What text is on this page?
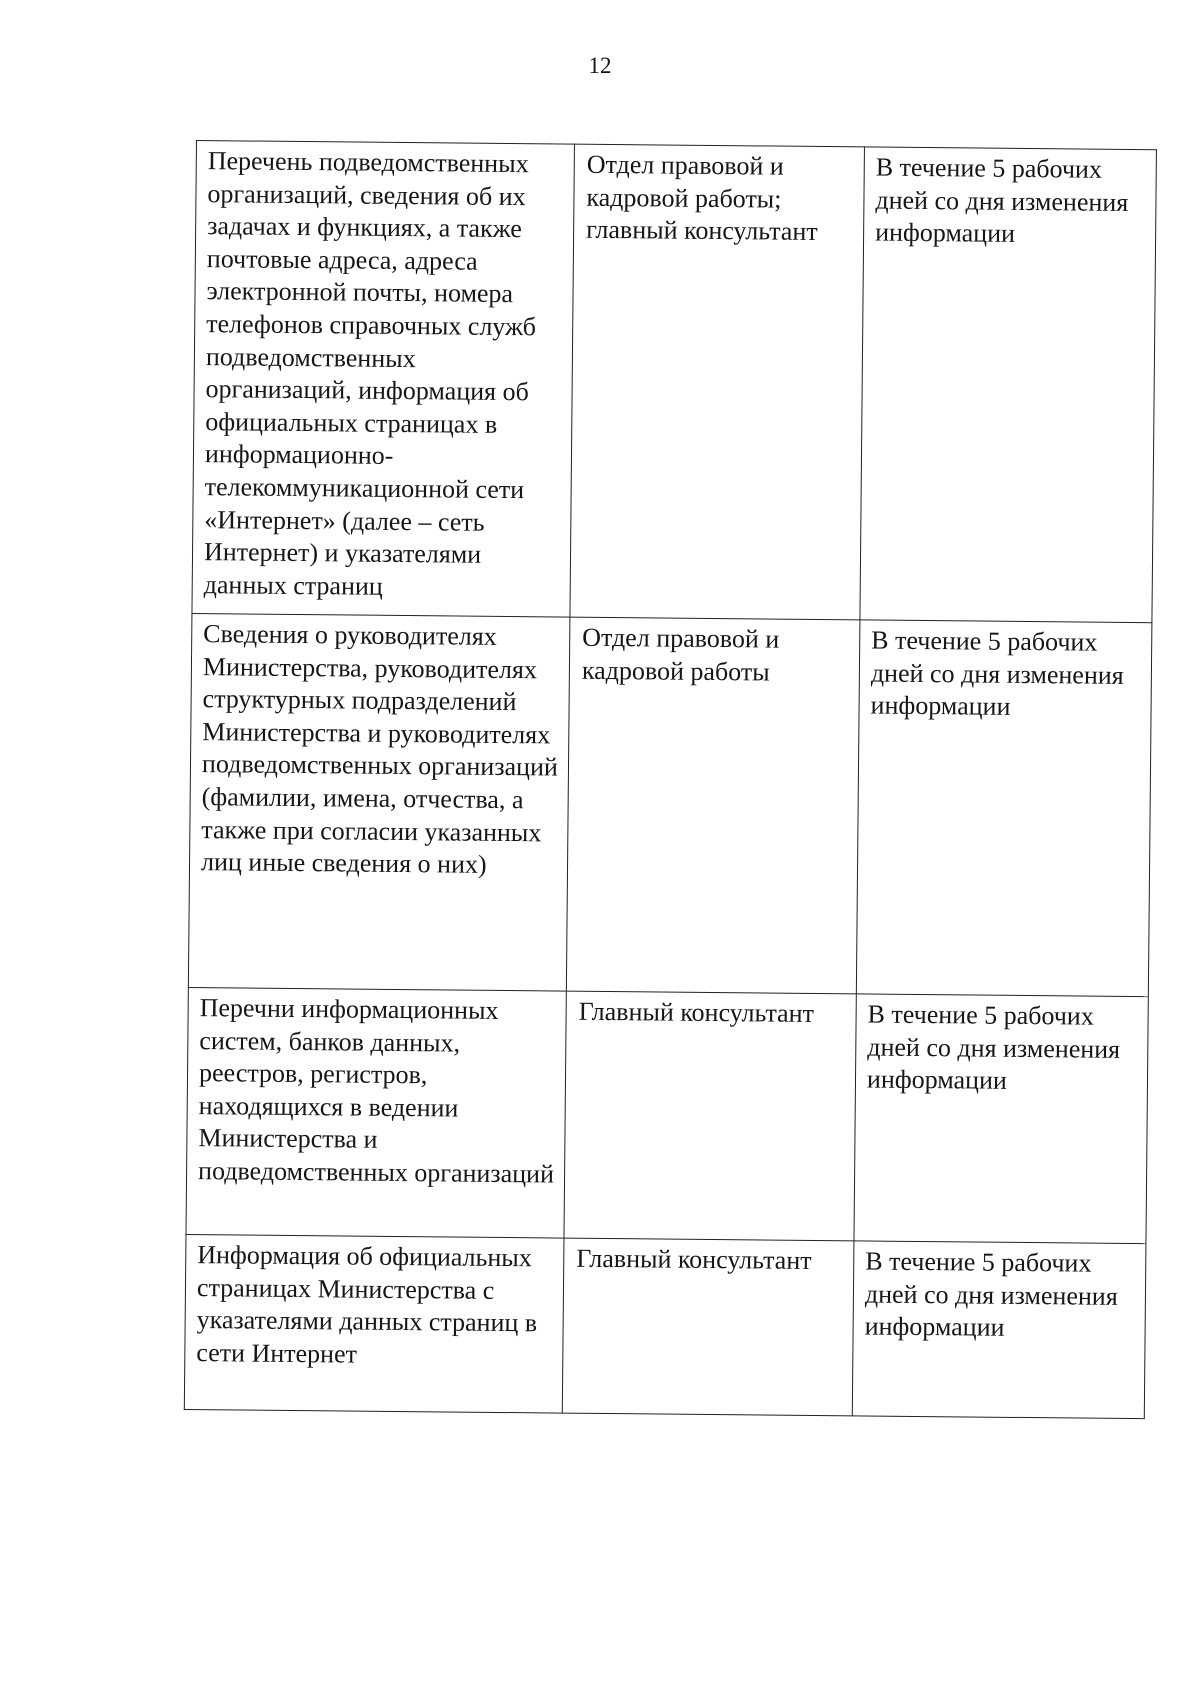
12
Перечень подведомственных организаций, сведения об их задачах и функциях, а также почтовые адреса, адреса электронной почты, номера телефонов справочных служб подведомственных организаций, информация об официальных страницах в информационно-телекоммуникационной сети «Интернет» (далее – сеть Интернет) и указателями данных страниц	Отдел правовой и кадровой работы; главный консультант	В течение 5 рабочих дней со дня изменения информации
Сведения о руководителях Министерства, руководителях структурных подразделений Министерства и руководителях подведомственных организаций (фамилии, имена, отчества, а также при согласии указанных лиц иные сведения о них)	Отдел правовой и кадровой работы	В течение 5 рабочих дней со дня изменения информации
Перечни информационных систем, банков данных, реестров, регистров, находящихся в ведении Министерства и подведомственных организаций	Главный консультант	В течение 5 рабочих дней со дня изменения информации
Информация об официальных страницах Министерства с указателями данных страниц в сети Интернет	Главный консультант	В течение 5 рабочих дней со дня изменения информации
